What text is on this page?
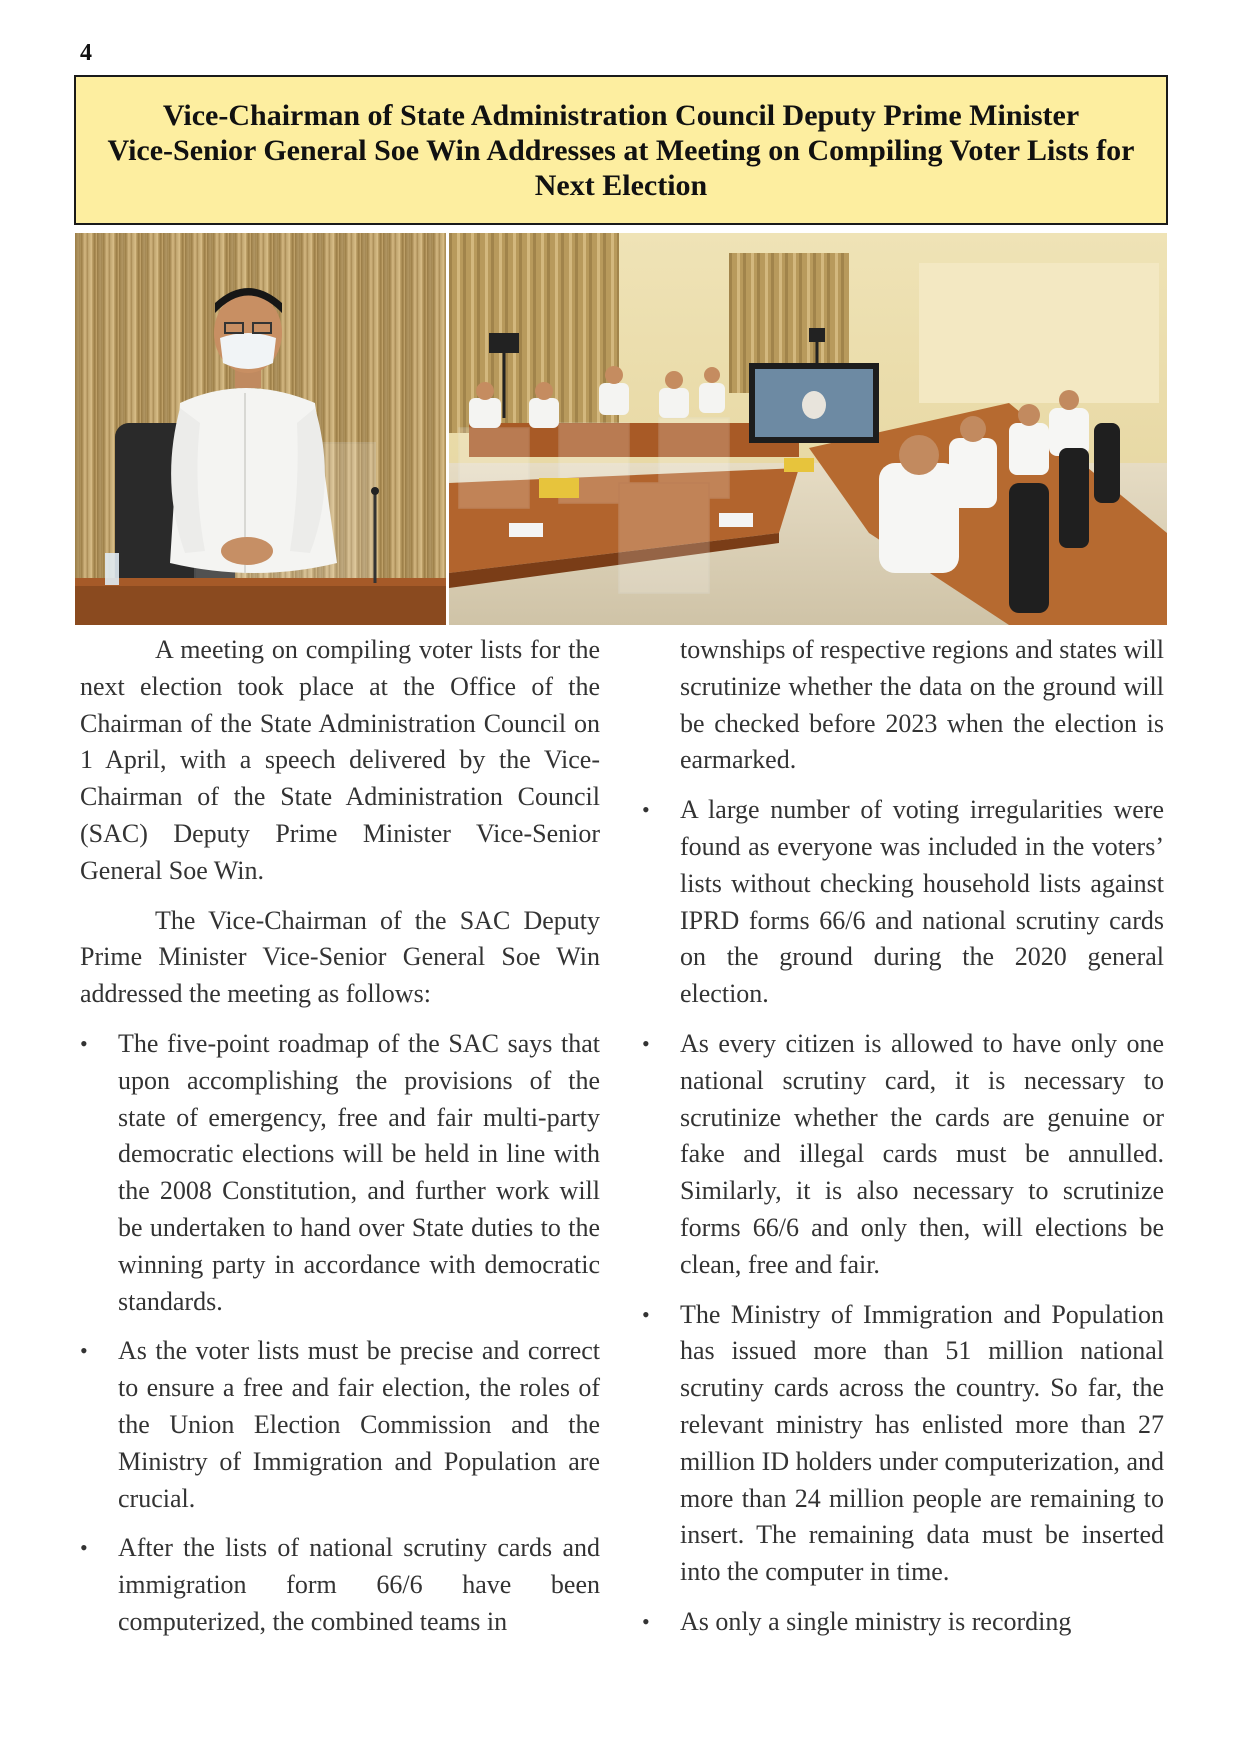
4
Vice-Chairman of State Administration Council Deputy Prime Minister
Vice-Senior General Soe Win Addresses at Meeting on Compiling Voter Lists for
Next Election

A meeting on compiling voter lists for the next election took place at the Office of the Chairman of the State Administration Council on 1 April, with a speech delivered by the Vice-Chairman of the State Administration Council (SAC) Deputy Prime Minister Vice-Senior General Soe Win.

The Vice-Chairman of the SAC Deputy Prime Minister Vice-Senior General Soe Win addressed the meeting as follows:

• The five-point roadmap of the SAC says that upon accomplishing the provisions of the state of emergency, free and fair multi-party democratic elections will be held in line with the 2008 Constitution, and further work will be undertaken to hand over State duties to the winning party in accordance with democratic standards.
• As the voter lists must be precise and correct to ensure a free and fair election, the roles of the Union Election Commission and the Ministry of Immigration and Population are crucial.
• After the lists of national scrutiny cards and immigration form 66/6 have been computerized, the combined teams in

townships of respective regions and states will scrutinize whether the data on the ground will be checked before 2023 when the election is earmarked.

• A large number of voting irregularities were found as everyone was included in the voters’ lists without checking household lists against IPRD forms 66/6 and national scrutiny cards on the ground during the 2020 general election.
• As every citizen is allowed to have only one national scrutiny card, it is necessary to scrutinize whether the cards are genuine or fake and illegal cards must be annulled. Similarly, it is also necessary to scrutinize forms 66/6 and only then, will elections be clean, free and fair.
• The Ministry of Immigration and Population has issued more than 51 million national scrutiny cards across the country. So far, the relevant ministry has enlisted more than 27 million ID holders under computerization, and more than 24 million people are remaining to insert. The remaining data must be inserted into the computer in time.
• As only a single ministry is recording
